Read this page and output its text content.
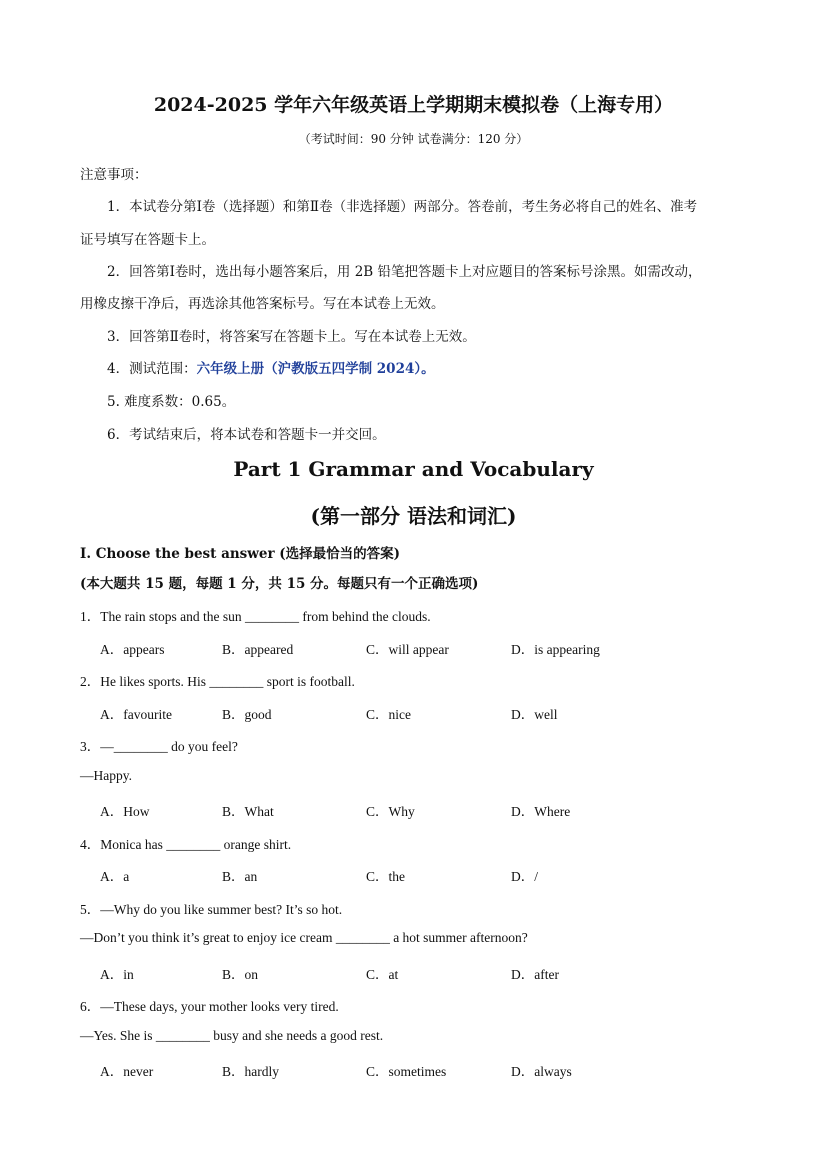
2024-2025 学年六年级英语上学期期末模拟卷（上海专用）
（考试时间：90 分钟 试卷满分：120 分）
注意事项：
1．本试卷分第Ⅰ卷（选择题）和第Ⅱ卷（非选择题）两部分。答卷前，考生务必将自己的姓名、准考
证号填写在答题卡上。
2．回答第Ⅰ卷时，选出每小题答案后，用 2B 铅笔把答题卡上对应题目的答案标号涂黑。如需改动，
用橡皮擦干净后，再选涂其他答案标号。写在本试卷上无效。
3．回答第Ⅱ卷时，将答案写在答题卡上。写在本试卷上无效。
4．测试范围：六年级上册（沪教版五四学制 2024）。
5. 难度系数：0.65。
6．考试结束后，将本试卷和答题卡一并交回。
Part 1 Grammar and Vocabulary
(第一部分 语法和词汇)
I. Choose the best answer (选择最恰当的答案)
(本大题共 15 题，每题 1 分，共 15 分。每题只有一个正确选项)
1．The rain stops and the sun ________ from behind the clouds.
A．appears	B．appeared	C．will appear	D．is appearing
2．He likes sports. His ________ sport is football.
A．favourite	B．good	C．nice	D．well
3．—________ do you feel?
—Happy.
A．How	B．What	C．Why	D．Where
4．Monica has ________ orange shirt.
A．a	B．an	C．the	D．/
5．—Why do you like summer best? It’s so hot.
—Don’t you think it’s great to enjoy ice cream ________ a hot summer afternoon?
A．in	B．on	C．at	D．after
6．—These days, your mother looks very tired.
—Yes. She is ________ busy and she needs a good rest.
A．never	B．hardly	C．sometimes	D．always
